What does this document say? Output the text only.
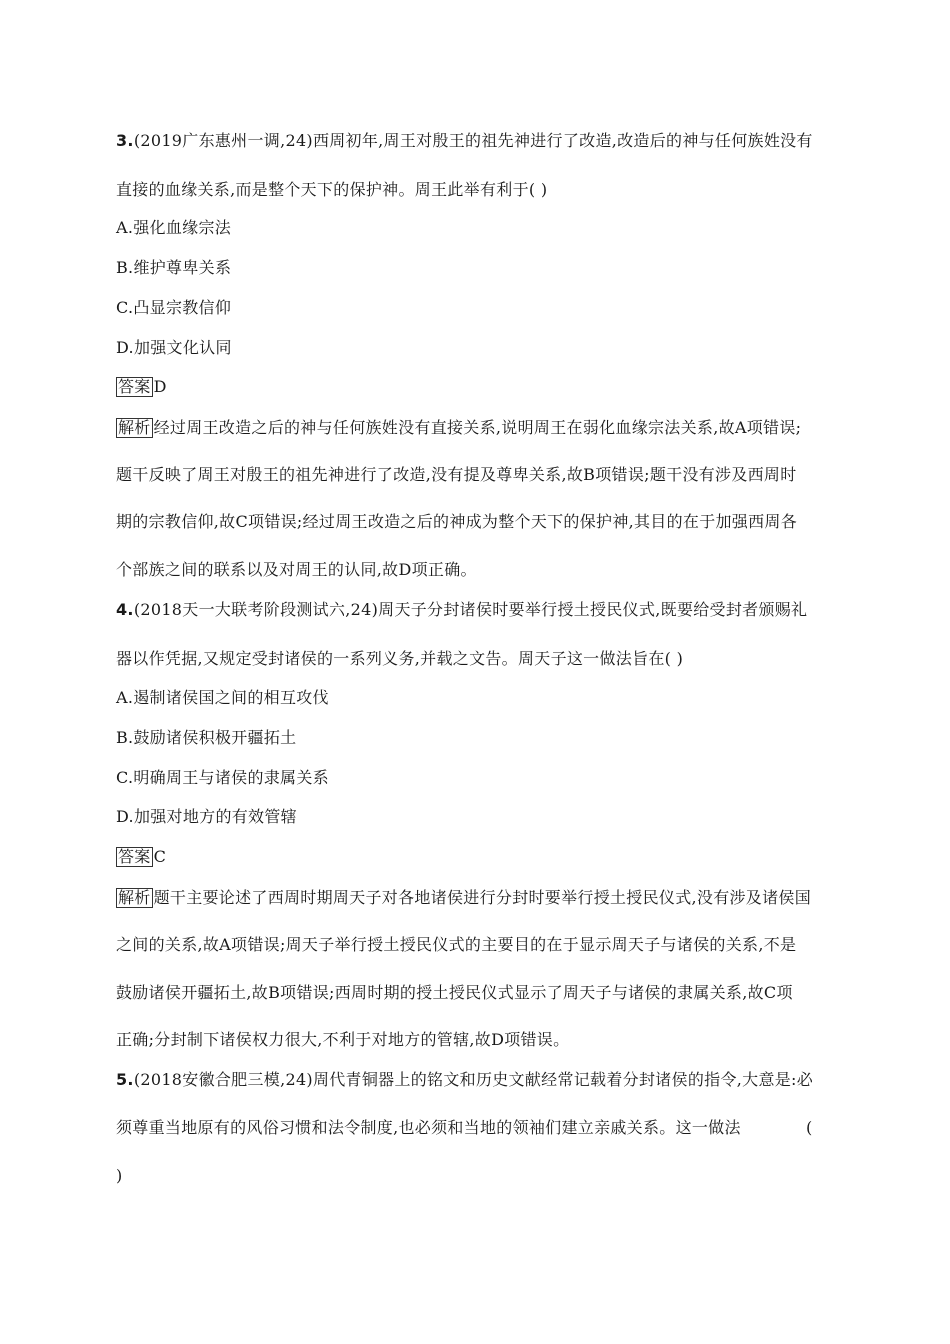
3.(2019广东惠州一调,24)西周初年,周王对殷王的祖先神进行了改造,改造后的神与任何族姓没有
直接的血缘关系,而是整个天下的保护神。周王此举有利于( )
A.强化血缘宗法
B.维护尊卑关系
C.凸显宗教信仰
D.加强文化认同
答案 D
解析 经过周王改造之后的神与任何族姓没有直接关系,说明周王在弱化血缘宗法关系,故A项错误;
题干反映了周王对殷王的祖先神进行了改造,没有提及尊卑关系,故B项错误;题干没有涉及西周时
期的宗教信仰,故C项错误;经过周王改造之后的神成为整个天下的保护神,其目的在于加强西周各
个部族之间的联系以及对周王的认同,故D项正确。
4.(2018天一大联考阶段测试六,24)周天子分封诸侯时要举行授土授民仪式,既要给受封者颁赐礼
器以作凭据,又规定受封诸侯的一系列义务,并载之文告。周天子这一做法旨在( )
A.遏制诸侯国之间的相互攻伐
B.鼓励诸侯积极开疆拓土
C.明确周王与诸侯的隶属关系
D.加强对地方的有效管辖
答案 C
解析 题干主要论述了西周时期周天子对各地诸侯进行分封时要举行授土授民仪式,没有涉及诸侯国
之间的关系,故A项错误;周天子举行授土授民仪式的主要目的在于显示周天子与诸侯的关系,不是
鼓励诸侯开疆拓土,故B项错误;西周时期的授土授民仪式显示了周天子与诸侯的隶属关系,故C项
正确;分封制下诸侯权力很大,不利于对地方的管辖,故D项错误。
5.(2018安徽合肥三模,24)周代青铜器上的铭文和历史文献经常记载着分封诸侯的指令,大意是:必
须尊重当地原有的风俗习惯和法令制度,也必须和当地的领袖们建立亲戚关系。这一做法	(
)
